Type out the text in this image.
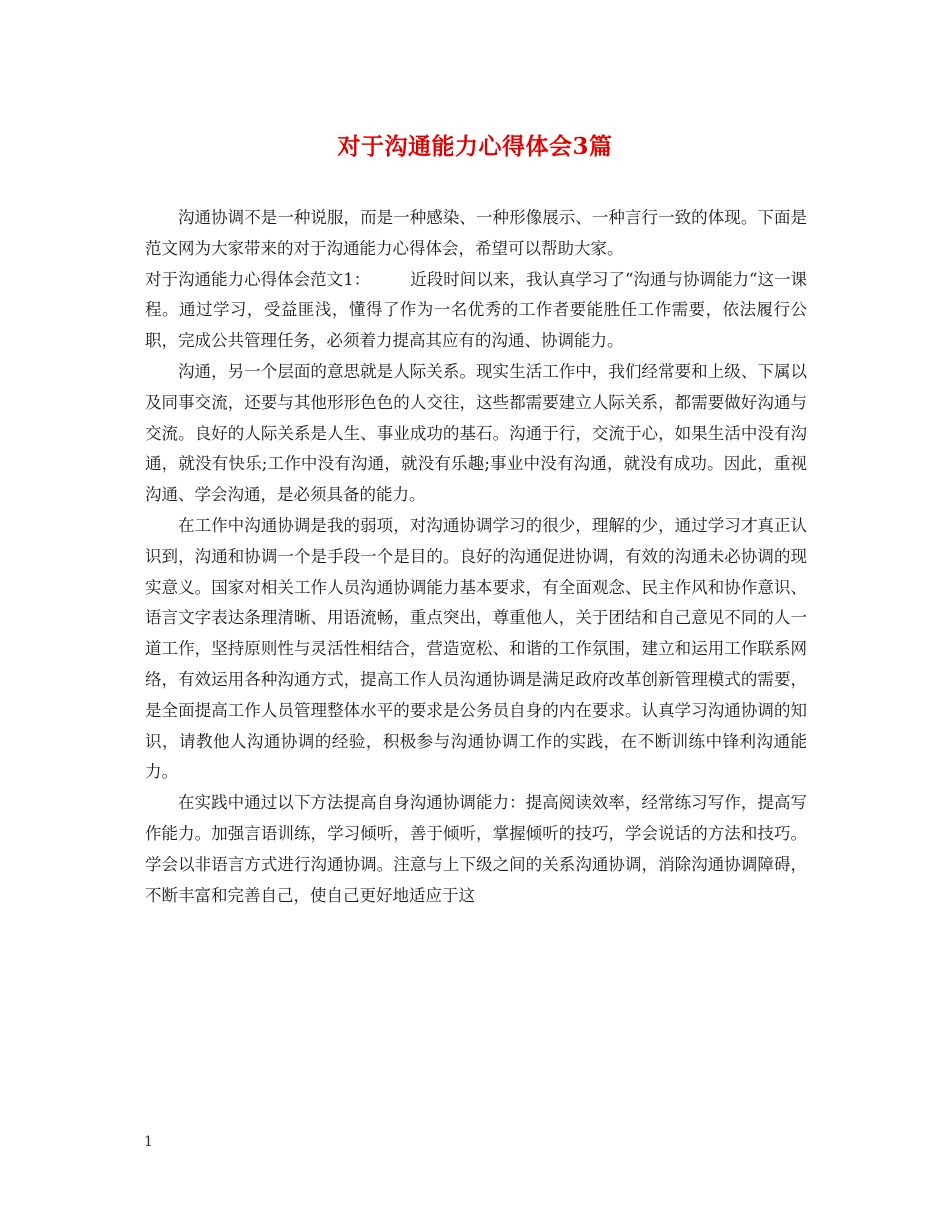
对于沟通能力心得体会3篇

沟通协调不是一种说服，而是一种感染、一种形像展示、一种言行一致的体现。下面是范文网为大家带来的对于沟通能力心得体会，希望可以帮助大家。

对于沟通能力心得体会范文1： 近段时间以来，我认真学习了“沟通与协调能力“这一课程。通过学习，受益匪浅，懂得了作为一名优秀的工作者要能胜任工作需要，依法履行公职，完成公共管理任务，必须着力提高其应有的沟通、协调能力。

沟通，另一个层面的意思就是人际关系。现实生活工作中，我们经常要和上级、下属以及同事交流，还要与其他形形色色的人交往，这些都需要建立人际关系，都需要做好沟通与交流。良好的人际关系是人生、事业成功的基石。沟通于行，交流于心，如果生活中没有沟通，就没有快乐;工作中没有沟通，就没有乐趣;事业中没有沟通，就没有成功。因此，重视沟通、学会沟通，是必须具备的能力。

在工作中沟通协调是我的弱项，对沟通协调学习的很少，理解的少，通过学习才真正认识到，沟通和协调一个是手段一个是目的。良好的沟通促进协调，有效的沟通未必协调的现实意义。国家对相关工作人员沟通协调能力基本要求，有全面观念、民主作风和协作意识、语言文字表达条理清晰、用语流畅，重点突出，尊重他人，关于团结和自己意见不同的人一道工作，坚持原则性与灵活性相结合，营造宽松、和谐的工作氛围，建立和运用工作联系网络，有效运用各种沟通方式，提高工作人员沟通协调是满足政府改革创新管理模式的需要，是全面提高工作人员管理整体水平的要求是公务员自身的内在要求。认真学习沟通协调的知识，请教他人沟通协调的经验，积极参与沟通协调工作的实践，在不断训练中锋利沟通能力。

在实践中通过以下方法提高自身沟通协调能力：提高阅读效率，经常练习写作，提高写作能力。加强言语训练，学习倾听，善于倾听，掌握倾听的技巧，学会说话的方法和技巧。学会以非语言方式进行沟通协调。注意与上下级之间的关系沟通协调，消除沟通协调障碍，不断丰富和完善自己，使自己更好地适应于这

1
